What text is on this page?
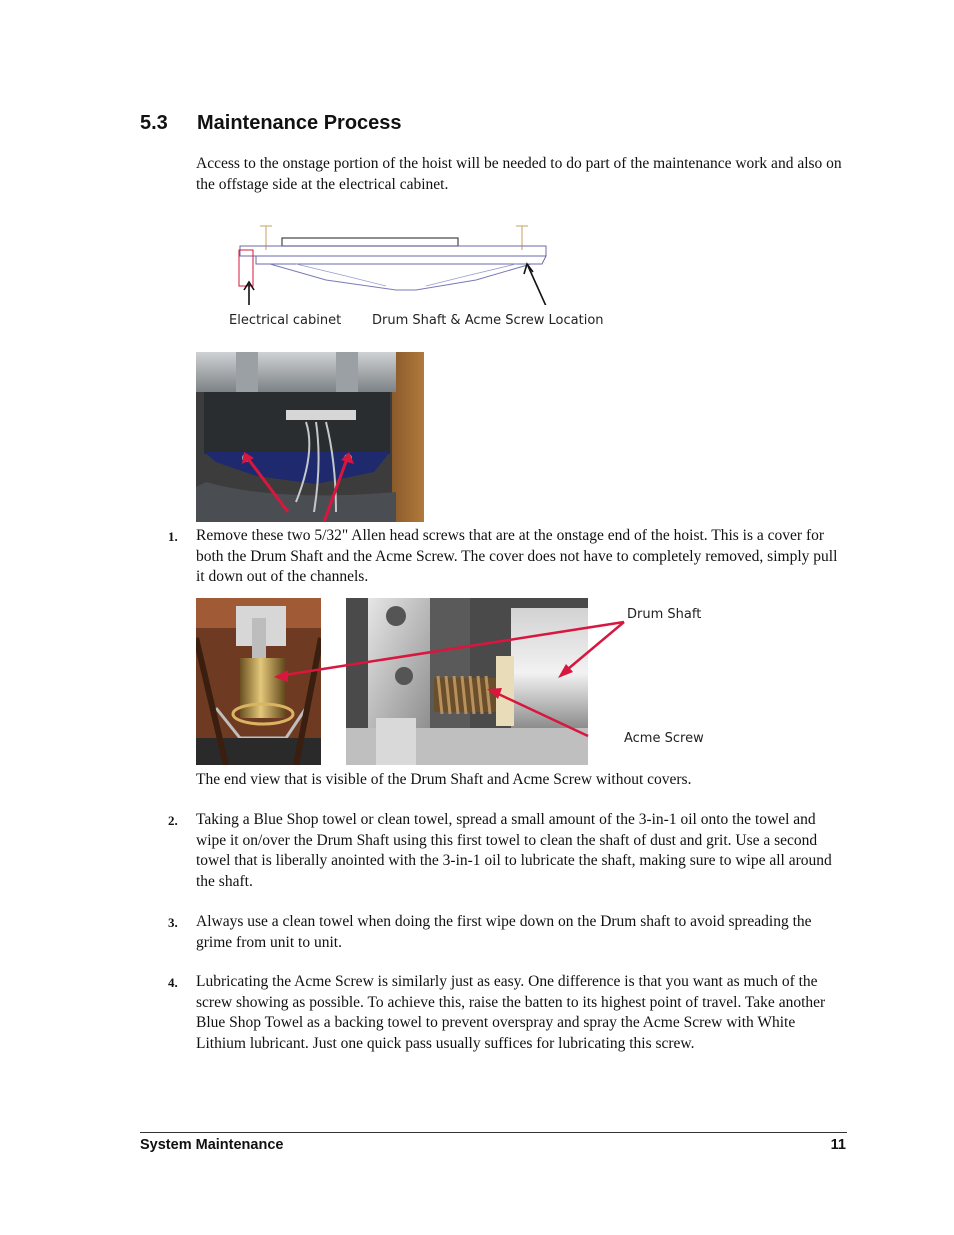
5.3 Maintenance Process
Access to the onstage portion of the hoist will be needed to do part of the maintenance work and also on the offstage side at the electrical cabinet.
Electrical cabinet Drum Shaft & Acme Screw Location
1. Remove these two 5/32" Allen head screws that are at the onstage end of the hoist. This is a cover for both the Drum Shaft and the Acme Screw. The cover does not have to completely removed, simply pull it down out of the channels.
Drum Shaft
Acme Screw
The end view that is visible of the Drum Shaft and Acme Screw without covers.
2. Taking a Blue Shop towel or clean towel, spread a small amount of the 3-in-1 oil onto the towel and wipe it on/over the Drum Shaft using this first towel to clean the shaft of dust and grit. Use a second towel that is liberally anointed with the 3-in-1 oil to lubricate the shaft, making sure to wipe all around the shaft.
3. Always use a clean towel when doing the first wipe down on the Drum shaft to avoid spreading the grime from unit to unit.
4. Lubricating the Acme Screw is similarly just as easy. One difference is that you want as much of the screw showing as possible. To achieve this, raise the batten to its highest point of travel. Take another Blue Shop Towel as a backing towel to prevent overspray and spray the Acme Screw with White Lithium lubricant. Just one quick pass usually suffices for lubricating this screw.
System Maintenance	11
